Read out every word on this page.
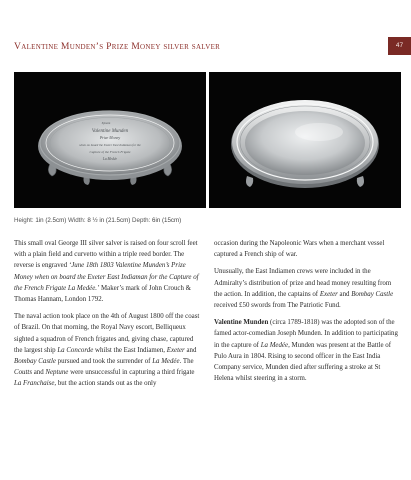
Valentine Munden’s Prize Money silver salver	47
Epsom
Valentine Munden
Prize Money
when on board the Exeter East Indiaman for the
Capture of the French Frigate
La Medée
Height: 1in (2.5cm) Width: 8 ½ in (21.5cm) Depth: 6in (15cm)

This small oval George III silver salver is raised on four scroll feet with a plain field and curvetto within a triple reed border. The reverse is engraved ‘June 18th 1803 Valentine Munden’s Prize Money when on board the Exeter East Indiaman for the Capture of the French Frigate La Medée.’ Maker’s mark of John Crouch & Thomas Hannam, London 1792.

The naval action took place on the 4th of August 1800 off the coast of Brazil. On that morning, the Royal Navy escort, Belliqueux sighted a squadron of French frigates and, giving chase, captured the largest ship La Concorde whilst the East Indiamen, Exeter and Bombay Castle pursued and took the surrender of La Medée. The Coutts and Neptune were unsuccessful in capturing a third frigate La Franchaise, but the action stands out as the only

occasion during the Napoleonic Wars when a merchant vessel captured a French ship of war.

Unusually, the East Indiamen crews were included in the Admiralty’s distribution of prize and head money resulting from the action. In addition, the captains of Exeter and Bombay Castle received £50 swords from The Patriotic Fund.

Valentine Munden (circa 1789-1818) was the adopted son of the famed actor-comedian Joseph Munden. In addition to participating in the capture of La Medée, Munden was present at the Battle of Pulo Aura in 1804. Rising to second officer in the East India Company service, Munden died after suffering a stroke at St Helena whilst steering in a storm.
